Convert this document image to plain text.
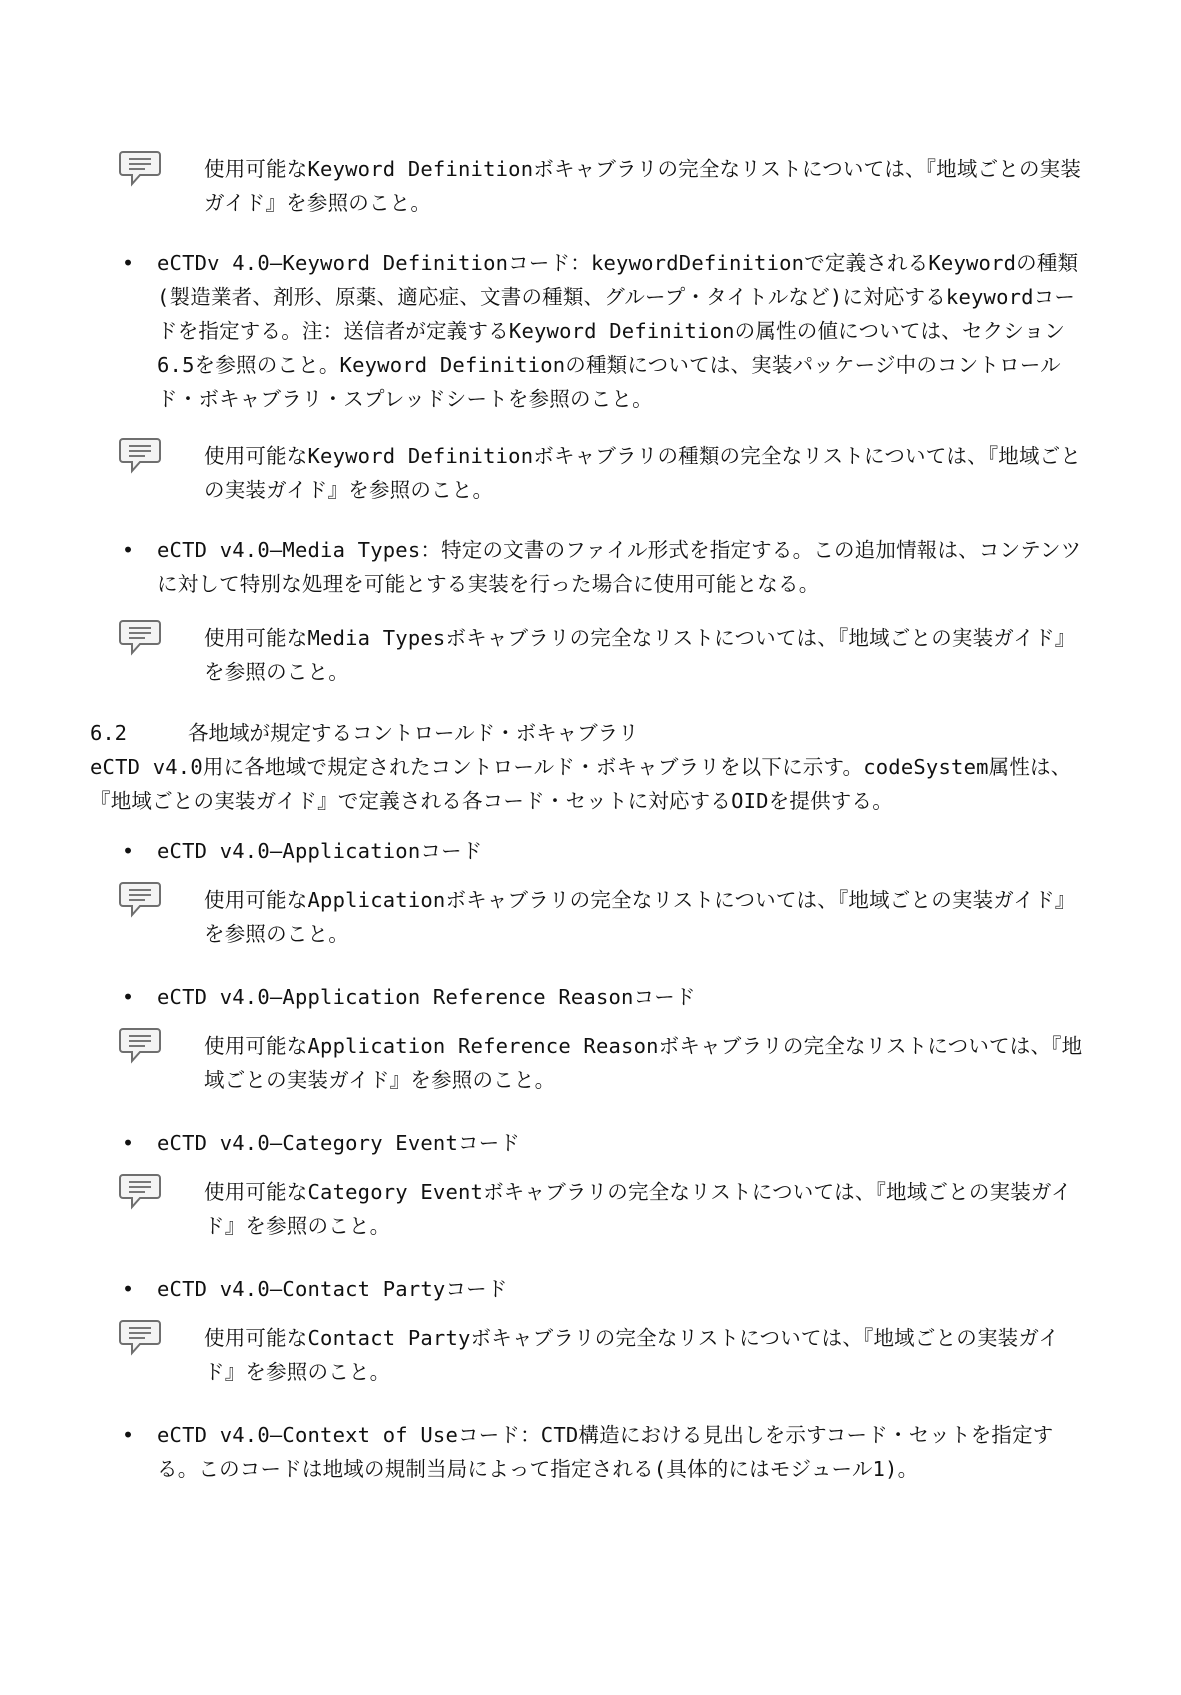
使用可能なKeyword Definitionボキャブラリの完全なリストについては、『地域ごとの実装ガイド』を参照のこと。
• eCTDv 4.0—Keyword Definitionコード：keywordDefinitionで定義されるKeywordの種類(製造業者、剤形、原薬、適応症、文書の種類、グループ・タイトルなど)に対応するkeywordコードを指定する。注：送信者が定義するKeyword Definitionの属性の値については、セクション6.5を参照のこと。Keyword Definitionの種類については、実装パッケージ中のコントロールド・ボキャブラリ・スプレッドシートを参照のこと。
使用可能なKeyword Definitionボキャブラリの種類の完全なリストについては、『地域ごとの実装ガイド』を参照のこと。
• eCTD v4.0—Media Types：特定の文書のファイル形式を指定する。この追加情報は、コンテンツに対して特別な処理を可能とする実装を行った場合に使用可能となる。
使用可能なMedia Typesボキャブラリの完全なリストについては、『地域ごとの実装ガイド』を参照のこと。
6.2	各地域が規定するコントロールド・ボキャブラリ
eCTD v4.0用に各地域で規定されたコントロールド・ボキャブラリを以下に示す。codeSystem属性は、『地域ごとの実装ガイド』で定義される各コード・セットに対応するOIDを提供する。
• eCTD v4.0—Applicationコード
使用可能なApplicationボキャブラリの完全なリストについては、『地域ごとの実装ガイド』を参照のこと。
• eCTD v4.0—Application Reference Reasonコード
使用可能なApplication Reference Reasonボキャブラリの完全なリストについては、『地域ごとの実装ガイド』を参照のこと。
• eCTD v4.0—Category Eventコード
使用可能なCategory Eventボキャブラリの完全なリストについては、『地域ごとの実装ガイド』を参照のこと。
• eCTD v4.0—Contact Partyコード
使用可能なContact Partyボキャブラリの完全なリストについては、『地域ごとの実装ガイド』を参照のこと。
• eCTD v4.0—Context of Useコード：CTD構造における見出しを示すコード・セットを指定する。このコードは地域の規制当局によって指定される(具体的にはモジュール1)。
